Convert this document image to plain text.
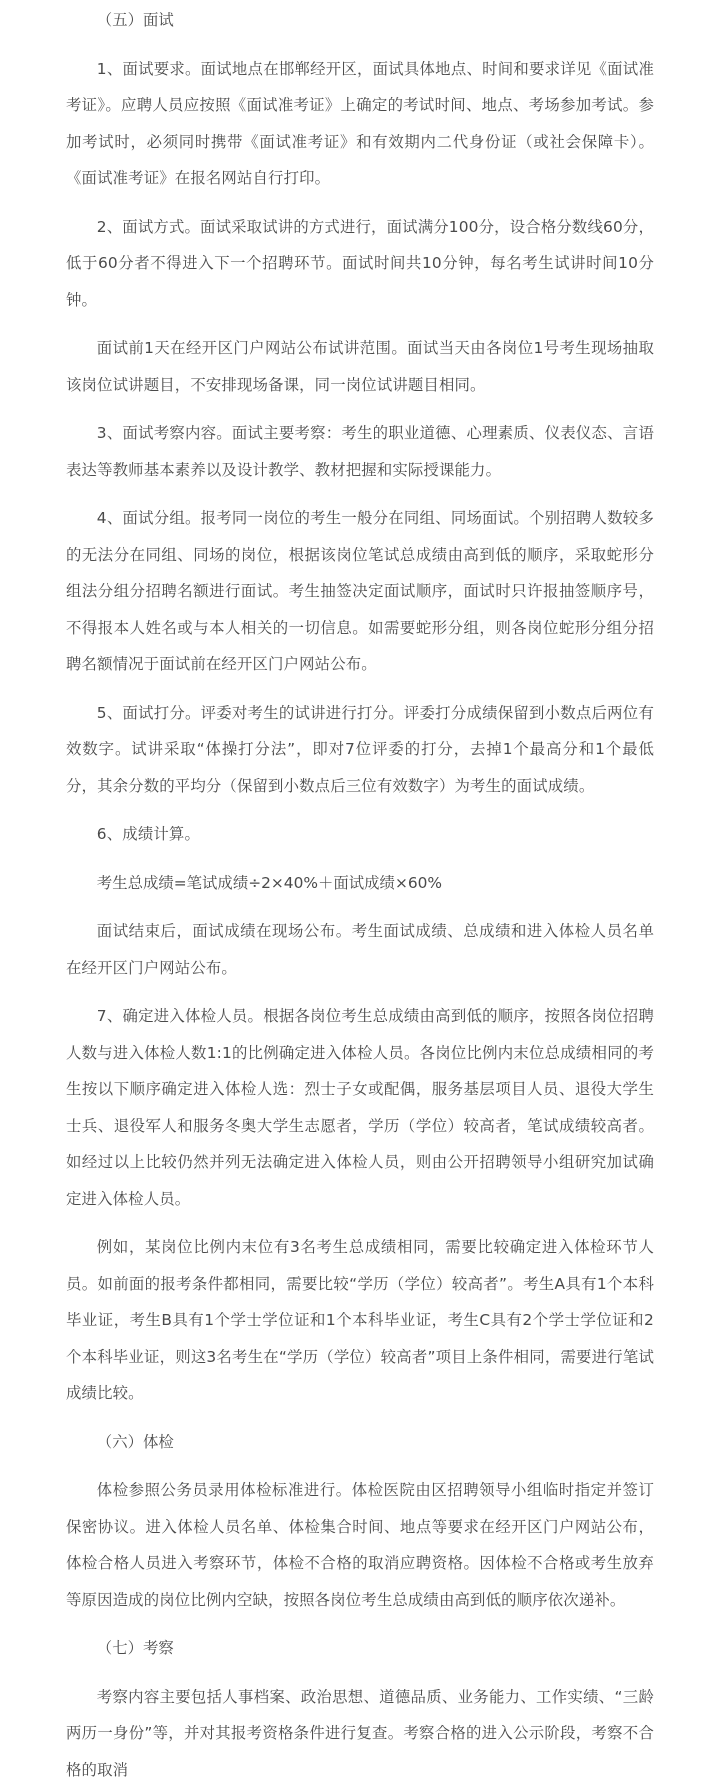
（五）面试

1、面试要求。面试地点在邯郸经开区，面试具体地点、时间和要求详见《面试准考证》。应聘人员应按照《面试准考证》上确定的考试时间、地点、考场参加考试。参加考试时，必须同时携带《面试准考证》和有效期内二代身份证（或社会保障卡）。《面试准考证》在报名网站自行打印。

2、面试方式。面试采取试讲的方式进行，面试满分100分，设合格分数线60分，低于60分者不得进入下一个招聘环节。面试时间共10分钟，每名考生试讲时间10分钟。

面试前1天在经开区门户网站公布试讲范围。面试当天由各岗位1号考生现场抽取该岗位试讲题目，不安排现场备课，同一岗位试讲题目相同。

3、面试考察内容。面试主要考察：考生的职业道德、心理素质、仪表仪态、言语表达等教师基本素养以及设计教学、教材把握和实际授课能力。

4、面试分组。报考同一岗位的考生一般分在同组、同场面试。个别招聘人数较多的无法分在同组、同场的岗位，根据该岗位笔试总成绩由高到低的顺序，采取蛇形分组法分组分招聘名额进行面试。考生抽签决定面试顺序，面试时只许报抽签顺序号，不得报本人姓名或与本人相关的一切信息。如需要蛇形分组，则各岗位蛇形分组分招聘名额情况于面试前在经开区门户网站公布。

5、面试打分。评委对考生的试讲进行打分。评委打分成绩保留到小数点后两位有效数字。试讲采取“体操打分法”，即对7位评委的打分，去掉1个最高分和1个最低分，其余分数的平均分（保留到小数点后三位有效数字）为考生的面试成绩。

6、成绩计算。

考生总成绩=笔试成绩÷2×40%＋面试成绩×60%

面试结束后，面试成绩在现场公布。考生面试成绩、总成绩和进入体检人员名单在经开区门户网站公布。

7、确定进入体检人员。根据各岗位考生总成绩由高到低的顺序，按照各岗位招聘人数与进入体检人数1:1的比例确定进入体检人员。各岗位比例内末位总成绩相同的考生按以下顺序确定进入体检人选：烈士子女或配偶，服务基层项目人员、退役大学生士兵、退役军人和服务冬奥大学生志愿者，学历（学位）较高者，笔试成绩较高者。如经过以上比较仍然并列无法确定进入体检人员，则由公开招聘领导小组研究加试确定进入体检人员。

例如，某岗位比例内末位有3名考生总成绩相同，需要比较确定进入体检环节人员。如前面的报考条件都相同，需要比较“学历（学位）较高者”。考生A具有1个本科毕业证，考生B具有1个学士学位证和1个本科毕业证，考生C具有2个学士学位证和2个本科毕业证，则这3名考生在“学历（学位）较高者”项目上条件相同，需要进行笔试成绩比较。

（六）体检

体检参照公务员录用体检标准进行。体检医院由区招聘领导小组临时指定并签订保密协议。进入体检人员名单、体检集合时间、地点等要求在经开区门户网站公布，体检合格人员进入考察环节，体检不合格的取消应聘资格。因体检不合格或考生放弃等原因造成的岗位比例内空缺，按照各岗位考生总成绩由高到低的顺序依次递补。

（七）考察

考察内容主要包括人事档案、政治思想、道德品质、业务能力、工作实绩、“三龄两历一身份”等，并对其报考资格条件进行复查。考察合格的进入公示阶段，考察不合格的取消
